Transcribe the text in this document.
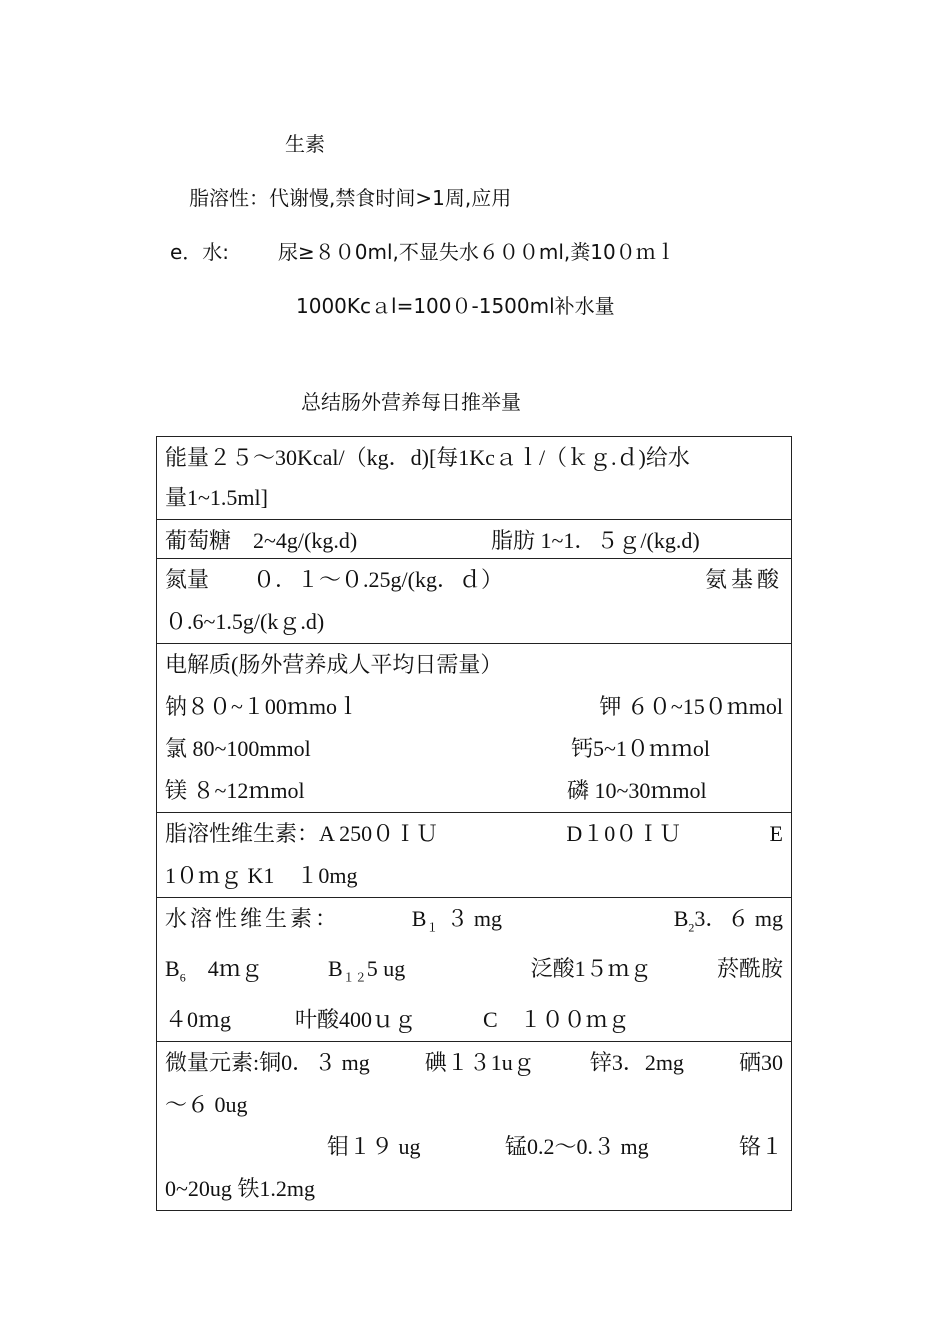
生素
脂溶性：代谢慢,禁食时间>1周,应用
e．水: 尿≥８０0ml,不显失水６００ml,粪10０ｍｌ
1000Kcａl=100０-1500ml补水量
总结肠外营养每日推举量
能量２５～30Kcal/（kg．d)[每1Kcａｌ/（ｋｇ.ｄ)给水
量1~1.5ml]

葡萄糖　2~4g/(kg.d)	脂肪 1~1．５ｇ/(kg.d)

氮量　　０．１～０.25g/(kg．ｄ）	氨基酸
０.6~1.5g/(kｇ.d)

电解质(肠外营养成人平均日需量）
钠８０~１00ｍmoｌ	钾 ６０~15０ｍmol
氯 80~100mmol	钙5~1０ｍｍol
镁 ８~12ｍmol	磷 10~30ｍmol

脂溶性维生素：A 250０ＩＵ	D１0０ＩＵ	E
1０ｍｇ K1　１0mg

水溶性维生素：	$B_1$ ３ mg	$B_23$．６ mg
$B_6$　4ｍｇ	$B_{12}5$ ug	泛酸1５ｍｇ	菸酰胺
４0ｍg	叶酸400ｕｇ	C　１００ｍｇ

微量元素:铜0．３ mg	碘１３1uｇ	锌3．2mg	硒30
～６ 0ug
钼１９ ug	锰0.2～0.３ mg	铬１

0~20ug 铁1.2mg
